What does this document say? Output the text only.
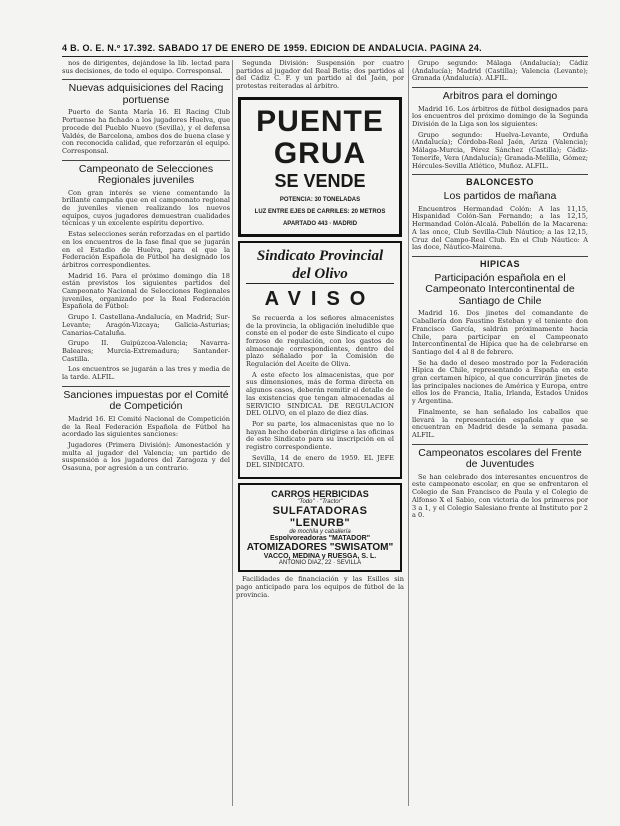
4 B. O. E. N.º 17.392. SABADO 17 DE ENERO DE 1959. EDICION DE ANDALUCIA. PAGINA 24.

nos de dirigentes, dejándose la lib. lectad para sus decisiones, de todo el equipo. Corresponsal.

Nuevas adquisiciones del Racing portuense

Puerto de Santa María 16. El Racing Club Portuense ha fichado a los jugadores Huelva, que procede del Pueblo Nuevo (Sevilla), y el defensa Valdés, de Barcelona, ambos dos de buena clase y con reconocida calidad, que reforzarán el equipo. Corresponsal.

Campeonato de Selecciones Regionales juveniles

Con gran interés se viene comentando la brillante campaña que en el campeonato regional de juveniles vienen realizando los nuevos equipos, cuyos jugadores demuestran cualidades técnicas y un excelente espíritu deportivo.

Estas selecciones serán reforzadas en el partido en los encuentros de la fase final que se jugarán en el Estadio de Huelva, para el que la Federación Española de Fútbol ha designado los árbitros correspondientes.

Madrid 16. Para el próximo domingo día 18 están previstos los siguientes partidos del Campeonato Nacional de Selecciones Regionales juveniles, organizado por la Real Federación Española de Fútbol:

Grupo I. Castellana-Andalucía, en Madrid; Sur-Levante; Aragón-Vizcaya; Galicia-Asturias; Canarias-Cataluña.

Grupo II. Guipúzcoa-Valencia; Navarra-Baleares; Murcia-Extremadura; Santander-Castilla.

Los encuentros se jugarán a las tres y media de la tarde. ALFIL.

Sanciones impuestas por el Comité de Competición

Madrid 16. El Comité Nacional de Competición de la Real Federación Española de Fútbol ha acordado las siguientes sanciones:

Jugadores (Primera División): Amonestación y multa al jugador del Valencia; un partido de suspensión a los jugadores del Zaragoza y del Osasuna, por agresión a un contrario.

Segunda División: Suspensión por cuatro partidos al jugador del Real Betis; dos partidos al del Cádiz C. F. y un partido al del Jaén, por protestas reiteradas al árbitro.

PUENTE GRUA
SE VENDE
POTENCIA: 30 TONELADAS
LUZ ENTRE EJES DE CARRILES: 20 METROS
APARTADO 443 · MADRID
Sindicato Provincial del Olivo
AVISO

Se recuerda a los señores almacenistes de la provincia, la obligación ineludible que conste en el poder de este Sindicato el cupo forzoso de regulación, con los gastos de almacenaje correspondientes, dentro del plazo señalado por la Comisión de Regulación del Aceite de Oliva.

A este efecto los almacenistas, que por sus dimensiones, más de forma directa en algunos casos, deberán remitir el detalle de las existencias que tengan almacenadas al SERVICIO SINDICAL DE REGULACION DEL OLIVO, en el plazo de diez días.

Por su parte, los almacenistas que no lo hayan hecho deberán dirigirse a las oficinas de este Sindicato para su inscripción en el registro correspondiente.

Sevilla, 14 de enero de 1959. EL JEFE DEL SINDICATO.

CARROS HERBICIDAS
"Todo" · "Tractor"
SULFATADORAS "LENURB"
de mochila y caballería
Espolvoreadoras "MATADOR"
ATOMIZADORES "SWISATOM"
VACCO, MEDINA y RUESGA, S. L.
ANTONIO DIAZ, 22 · SEVILLA

Facilidades de financiación y las Esilles sin pago anticipado para los equipos de fútbol de la provincia.

Grupo segundo: Málaga (Andalucía); Cádiz (Andalucía); Madrid (Castilla); Valencia (Levante); Granada (Andalucía). ALFIL.

Arbitros para el domingo

Madrid 16. Los árbitros de fútbol designados para los encuentros del próximo domingo de la Segunda División de la Liga son los siguientes:

Grupo segundo: Huelva-Levante, Orduña (Andalucía); Córdoba-Real Jaén, Ariza (Valencia); Málaga-Murcia, Pérez Sánchez (Castilla); Cádiz-Tenerife, Vera (Andalucía); Granada-Melilla, Gómez; Hércules-Sevilla Atlético, Muñoz. ALFIL.

BALONCESTO
Los partidos de mañana

Encuentros Hermandad Colón: A las 11,15, Hispanidad Colón-San Fernando; a las 12,15, Hermandad Colón-Alcalá. Pabellón de la Macarena: A las once, Club Sevilla-Club Náutico; a las 12,15, Cruz del Campo-Real Club. En el Club Náutico: A las doce, Náutico-Mairena.

HIPICAS
Participación española en el Campeonato Intercontinental de Santiago de Chile

Madrid 16. Dos jinetes del comandante de Caballería don Faustino Esteban y el teniente don Francisco García, saldrán próximamente hacia Chile, para participar en el Campeonato Intercontinental de Hípica que ha de celebrarse en Santiago del 4 al 8 de febrero.

Se ha dado el deseo mostrado por la Federación Hípica de Chile, representando a España en este gran certamen hípico, al que concurrirán jinetes de las principales naciones de América y Europa, entre ellos los de Francia, Italia, Irlanda, Estados Unidos y Argentina.

Finalmente, se han señalado los caballos que llevará la representación española y que se encuentran en Madrid desde la semana pasada. ALFIL.

Campeonatos escolares del Frente de Juventudes

Se han celebrado dos interesantes encuentros de este campeonato escolar, en que se enfrentaron el Colegio de San Francisco de Paula y el Colegio de Alfonso X el Sabio, con victoria de los primeros por 3 a 1, y el Colegio Salesiano frente al Instituto por 2 a 0.
